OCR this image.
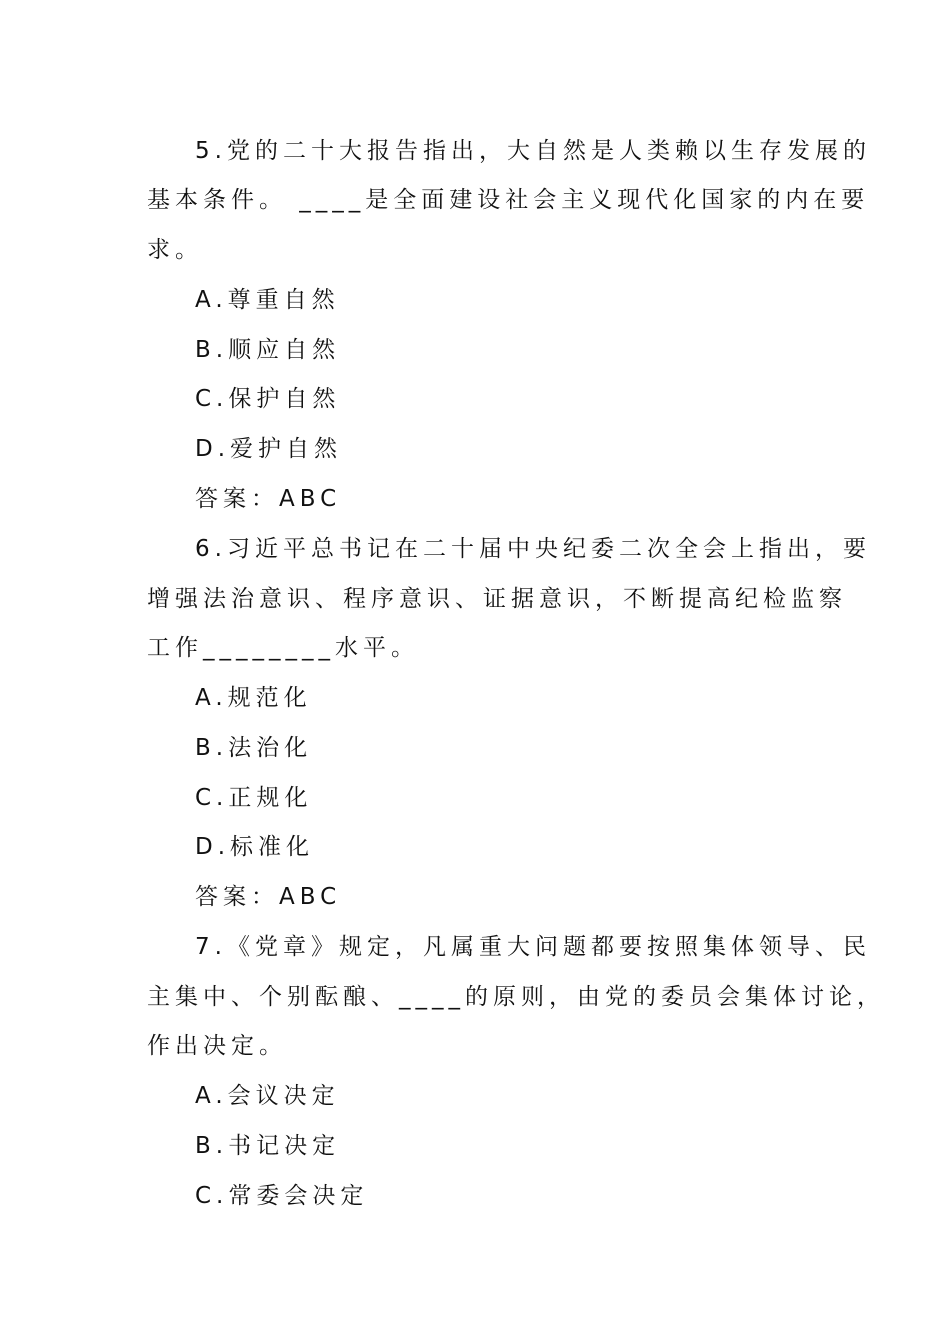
5.党的二十大报告指出，大自然是人类赖以生存发展的
基本条件。 ____是全面建设社会主义现代化国家的内在要
求。
A.尊重自然
B.顺应自然
C.保护自然
D.爱护自然
答案：ABC
6.习近平总书记在二十届中央纪委二次全会上指出，要
增强法治意识、程序意识、证据意识，不断提高纪检监察
工作________水平。
A.规范化
B.法治化
C.正规化
D.标准化
答案：ABC
7.《党章》规定，凡属重大问题都要按照集体领导、民
主集中、个别酝酿、____的原则，由党的委员会集体讨论，
作出决定。
A.会议决定
B.书记决定
C.常委会决定
